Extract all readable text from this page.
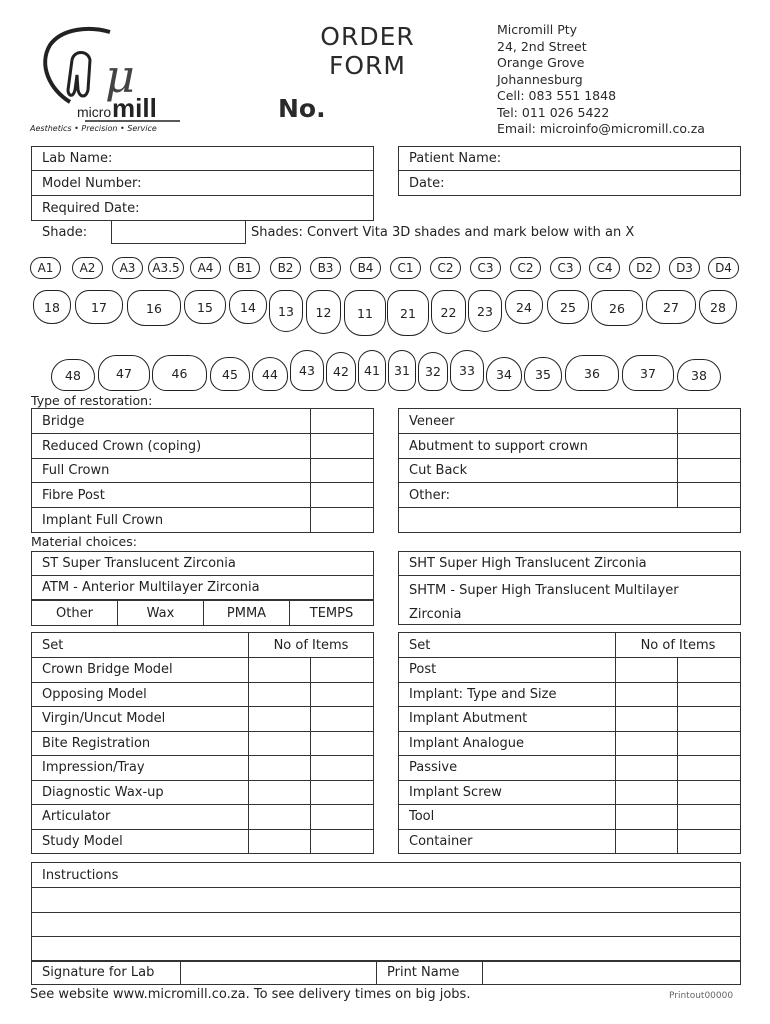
μ
micro mill
Aesthetics • Precision • Service
ORDER
FORM
No.
Micromill Pty
24, 2nd Street
Orange Grove
Johannesburg
Cell: 083 551 1848
Tel: 011 026 5422
Email: microinfo@micromill.co.za
Lab Name:
Model Number:
Required Date:
Patient Name:
Date:
Shade:	Shades: Convert Vita 3D shades and mark below with an X
A1	A2	A3	A3.5	A4	B1	B2	B3	B4	C1	C2	C3	C2	C3	C4	D2	D3	D4
18	17	16	15	14	13	12	11	21	22	23	24	25	26	27	28
48	47	46	45	44	43	42	41	31	32	33	34	35	36	37	38
Type of restoration:
Bridge	
Reduced Crown (coping)	
Full Crown	
Fibre Post	
Implant Full Crown	
Veneer	
Abutment to support crown	
Cut Back	
Other:	

Material choices:
ST Super Translucent Zirconia
ATM - Anterior Multilayer Zirconia
Other	Wax	PMMA	TEMPS
SHT Super High Translucent Zirconia
SHTM - Super High Translucent Multilayer
Zirconia
Set	No of Items	
Crown Bridge Model		
Opposing Model		
Virgin/Uncut Model		
Bite Registration		
Impression/Tray		
Diagnostic Wax-up		
Articulator		
Study Model		
Set	No of Items	
Post		
Implant: Type and Size		
Implant Abutment		
Implant Analogue		
Passive		
Implant Screw		
Tool		
Container		
Instructions

Signature for Lab		Print Name	
See website www.micromill.co.za. To see delivery times on big jobs.	Printout00000
